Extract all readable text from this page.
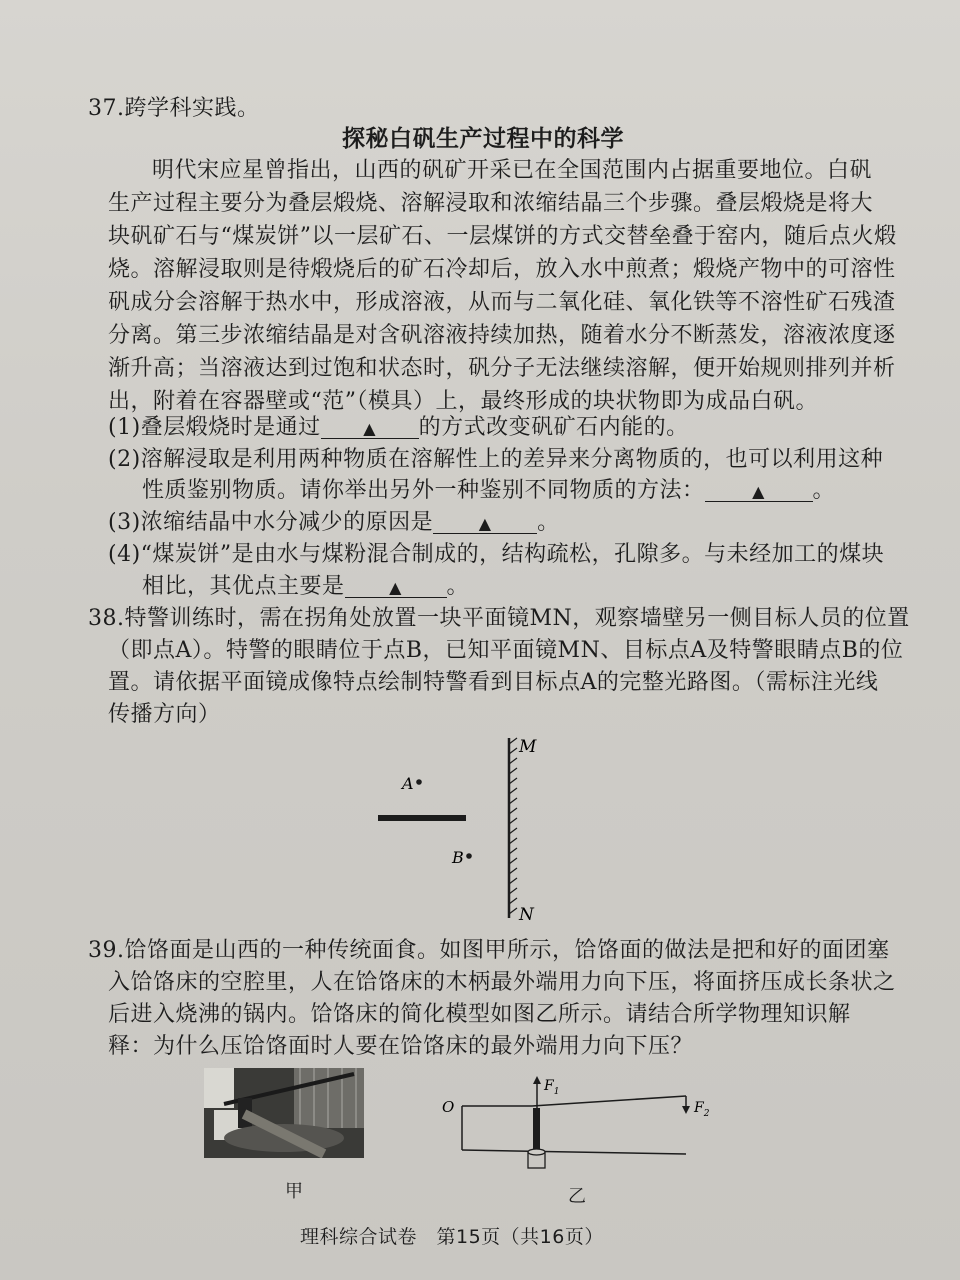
37.跨学科实践。
探秘白矾生产过程中的科学
明代宋应星曾指出，山西的矾矿开采已在全国范围内占据重要地位。白矾
生产过程主要分为叠层煅烧、溶解浸取和浓缩结晶三个步骤。叠层煅烧是将大
块矾矿石与“煤炭饼”以一层矿石、一层煤饼的方式交替垒叠于窑内，随后点火煅
烧。溶解浸取则是待煅烧后的矿石冷却后，放入水中煎煮；煅烧产物中的可溶性
矾成分会溶解于热水中，形成溶液，从而与二氧化硅、氧化铁等不溶性矿石残渣
分离。第三步浓缩结晶是对含矾溶液持续加热，随着水分不断蒸发，溶液浓度逐
渐升高；当溶液达到过饱和状态时，矾分子无法继续溶解，便开始规则排列并析
出，附着在容器壁或“范”（模具）上，最终形成的块状物即为成品白矾。
(1)叠层煅烧时是通过	▲ 的方式改变矾矿石内能的。
(2)溶解浸取是利用两种物质在溶解性上的差异来分离物质的，也可以利用这种
性质鉴别物质。请你举出另外一种鉴别不同物质的方法：	▲ 。
(3)浓缩结晶中水分减少的原因是	▲ 。
(4)“煤炭饼”是由水与煤粉混合制成的，结构疏松，孔隙多。与未经加工的煤块
相比，其优点主要是	▲ 。
38.特警训练时，需在拐角处放置一块平面镜MN，观察墙壁另一侧目标人员的位置
（即点A）。特警的眼睛位于点B，已知平面镜MN、目标点A及特警眼睛点B的位
置。请依据平面镜成像特点绘制特警看到目标点A的完整光路图。（需标注光线
传播方向）
M
N
A
B
39.饸饹面是山西的一种传统面食。如图甲所示，饸饹面的做法是把和好的面团塞
入饸饹床的空腔里，人在饸饹床的木柄最外端用力向下压，将面挤压成长条状之
后进入烧沸的锅内。饸饹床的简化模型如图乙所示。请结合所学物理知识解
释：为什么压饸饹面时人要在饸饹床的最外端用力向下压？
甲
$F_1$
$F_2$
O
乙
理科综合试卷　第15页（共16页）
